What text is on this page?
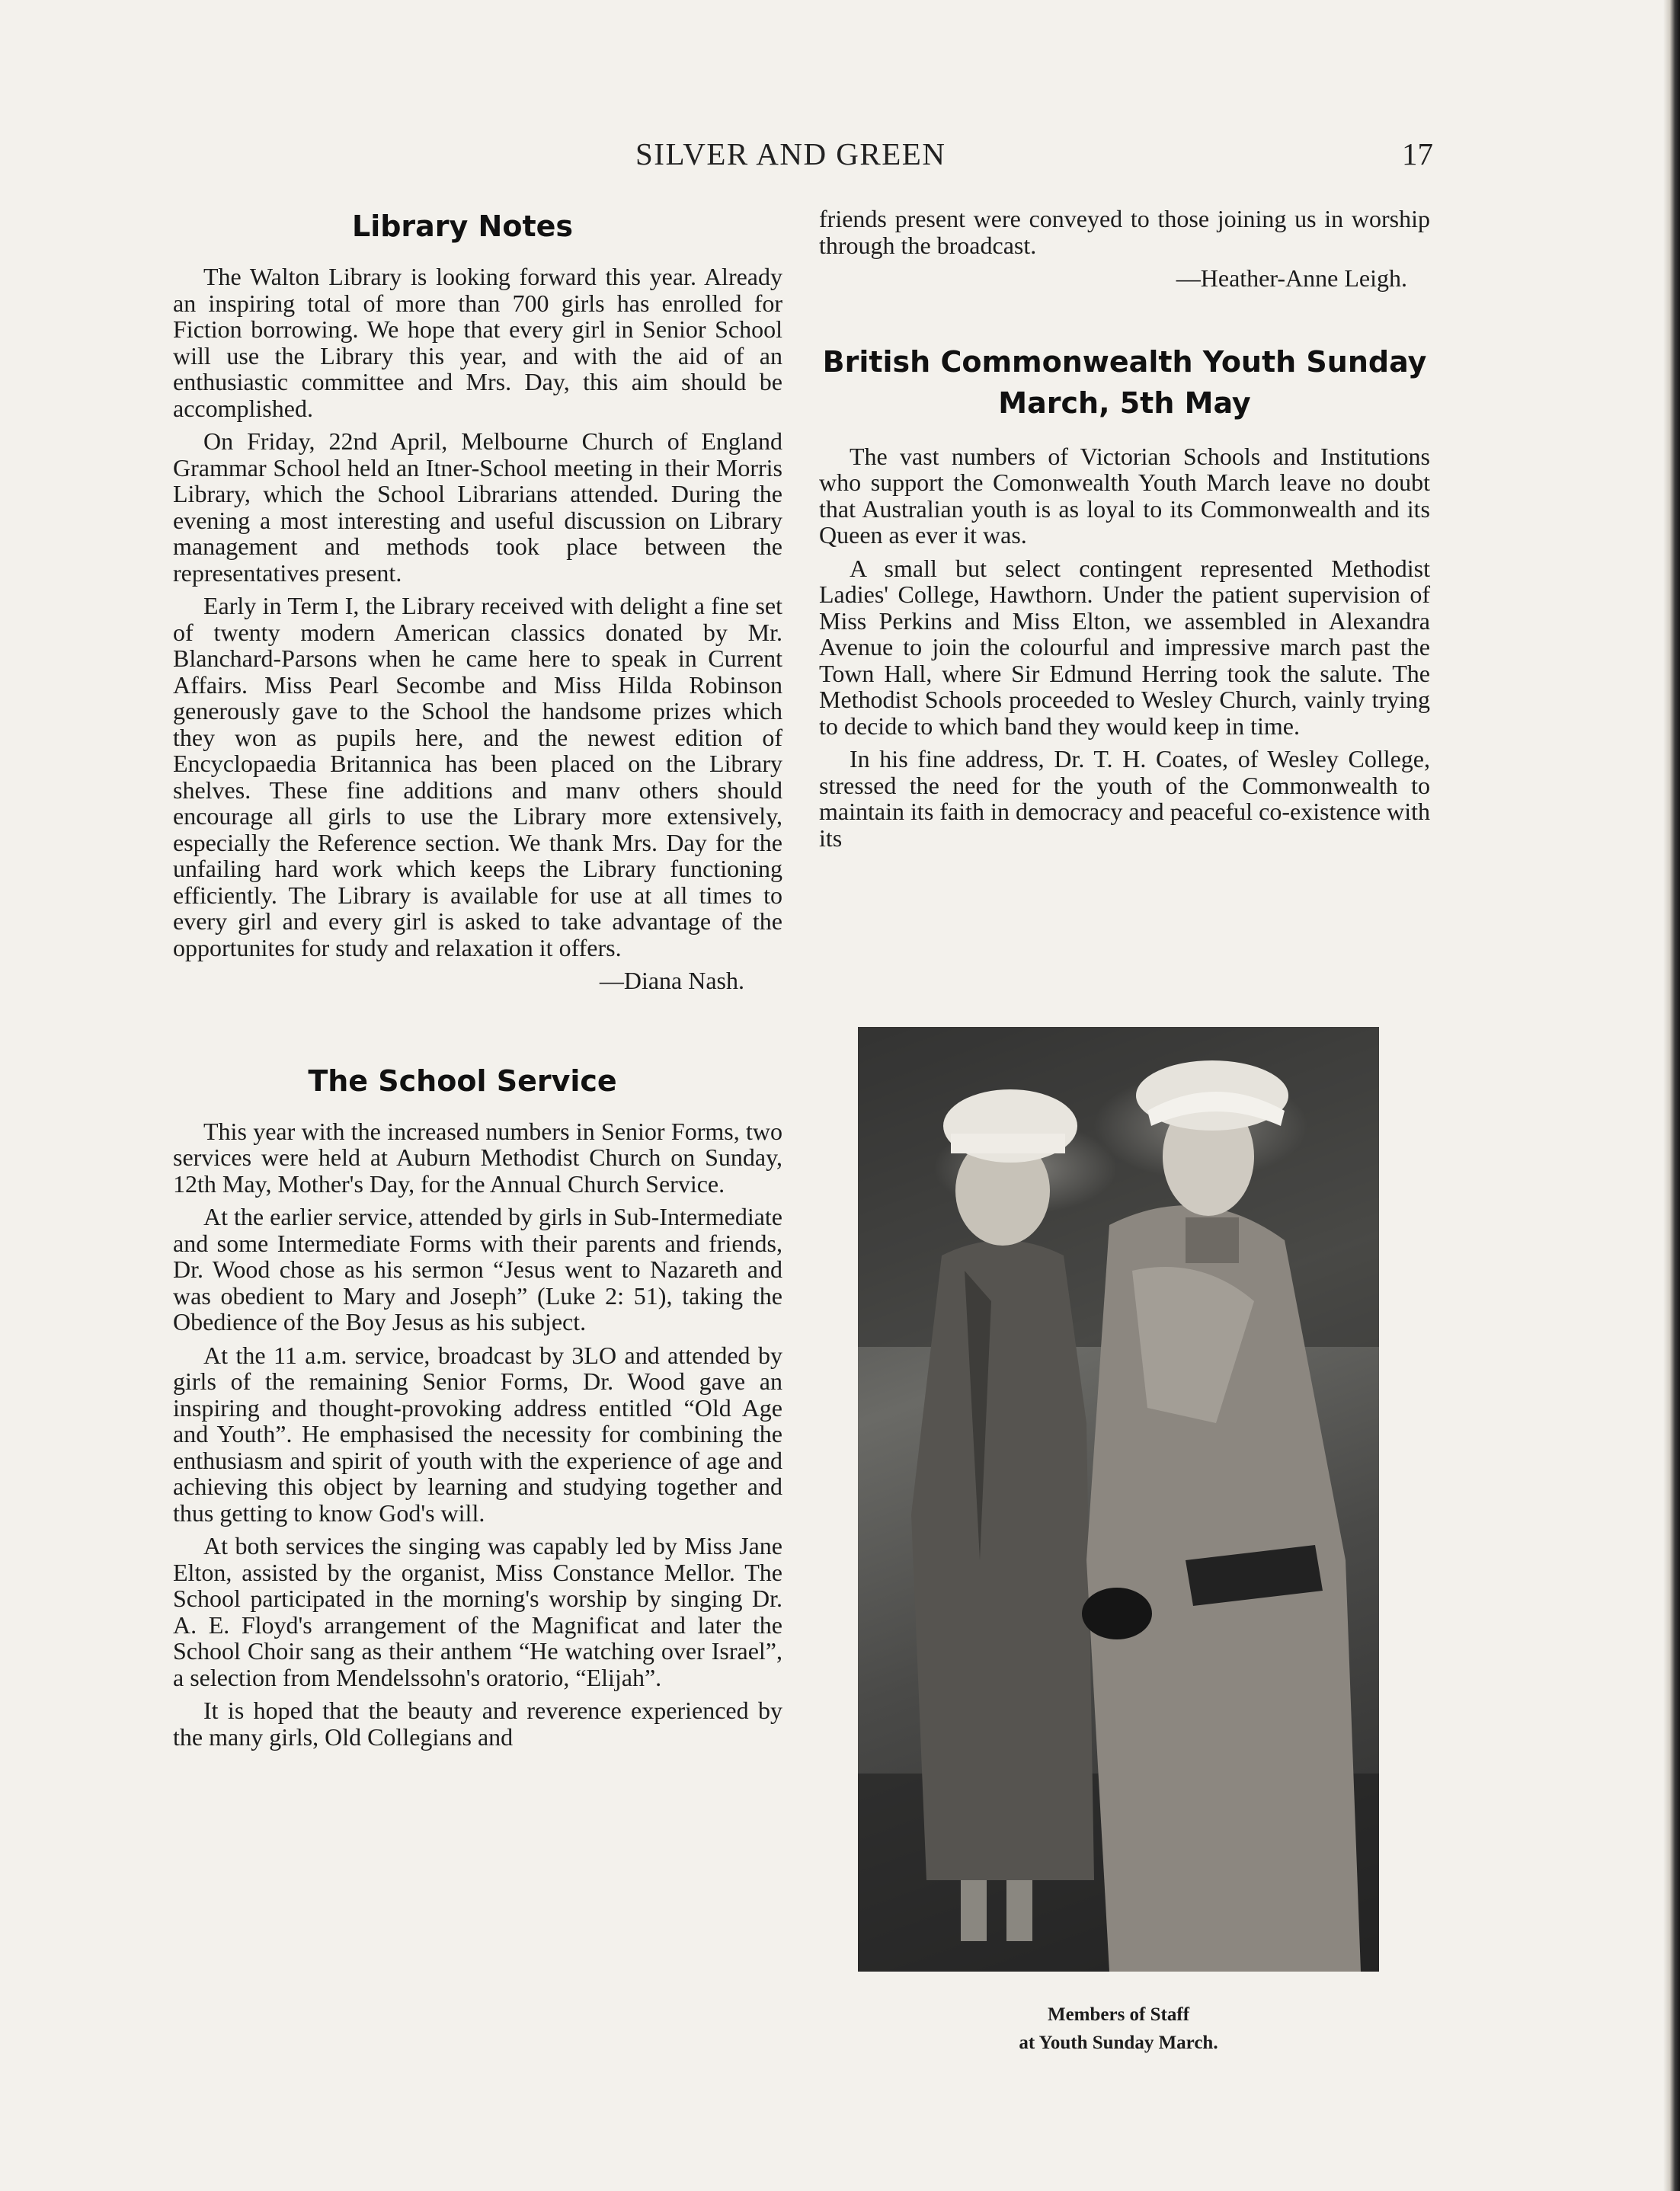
SILVER AND GREEN	17
Library Notes

The Walton Library is looking forward this year. Already an inspiring total of more than 700 girls has enrolled for Fiction borrowing. We hope that every girl in Senior School will use the Library this year, and with the aid of an enthusiastic committee and Mrs. Day, this aim should be accomplished.

On Friday, 22nd April, Melbourne Church of England Grammar School held an Itner-School meeting in their Morris Library, which the School Librarians attended. During the evening a most interesting and useful discussion on Library management and methods took place between the representatives present.

Early in Term I, the Library received with delight a fine set of twenty modern American classics donated by Mr. Blanchard-Parsons when he came here to speak in Current Affairs. Miss Pearl Secombe and Miss Hilda Robinson generously gave to the School the handsome prizes which they won as pupils here, and the newest edition of Encyclopaedia Britannica has been placed on the Library shelves. These fine additions and manv others should encourage all girls to use the Library more extensively, especially the Reference section. We thank Mrs. Day for the unfailing hard work which keeps the Library functioning efficiently. The Library is available for use at all times to every girl and every girl is asked to take advantage of the opportunites for study and relaxation it offers.

—Diana Nash.

The School Service

This year with the increased numbers in Senior Forms, two services were held at Auburn Methodist Church on Sunday, 12th May, Mother's Day, for the Annual Church Service.

At the earlier service, attended by girls in Sub-Intermediate and some Intermediate Forms with their parents and friends, Dr. Wood chose as his sermon “Jesus went to Nazareth and was obedient to Mary and Joseph” (Luke 2: 51), taking the Obedience of the Boy Jesus as his subject.

At the 11 a.m. service, broadcast by 3LO and attended by girls of the remaining Senior Forms, Dr. Wood gave an inspiring and thought-provoking address entitled “Old Age and Youth”. He emphasised the necessity for combining the enthusiasm and spirit of youth with the experience of age and achieving this object by learning and studying together and thus getting to know God's will.

At both services the singing was capably led by Miss Jane Elton, assisted by the organist, Miss Constance Mellor. The School participated in the morning's worship by singing Dr. A. E. Floyd's arrangement of the Magnificat and later the School Choir sang as their anthem “He watching over Israel”, a selection from Mendelssohn's oratorio, “Elijah”.

It is hoped that the beauty and reverence experienced by the many girls, Old Collegians and

friends present were conveyed to those joining us in worship through the broadcast.

—Heather-Anne Leigh.

British Commonwealth Youth Sunday
March, 5th May

The vast numbers of Victorian Schools and Institutions who support the Comonwealth Youth March leave no doubt that Australian youth is as loyal to its Commonwealth and its Queen as ever it was.

A small but select contingent represented Methodist Ladies' College, Hawthorn. Under the patient supervision of Miss Perkins and Miss Elton, we assembled in Alexandra Avenue to join the colourful and impressive march past the Town Hall, where Sir Edmund Herring took the salute. The Methodist Schools proceeded to Wesley Church, vainly trying to decide to which band they would keep in time.

In his fine address, Dr. T. H. Coates, of Wesley College, stressed the need for the youth of the Commonwealth to maintain its faith in democracy and peaceful co-existence with its

Members of Staff
at Youth Sunday March.
